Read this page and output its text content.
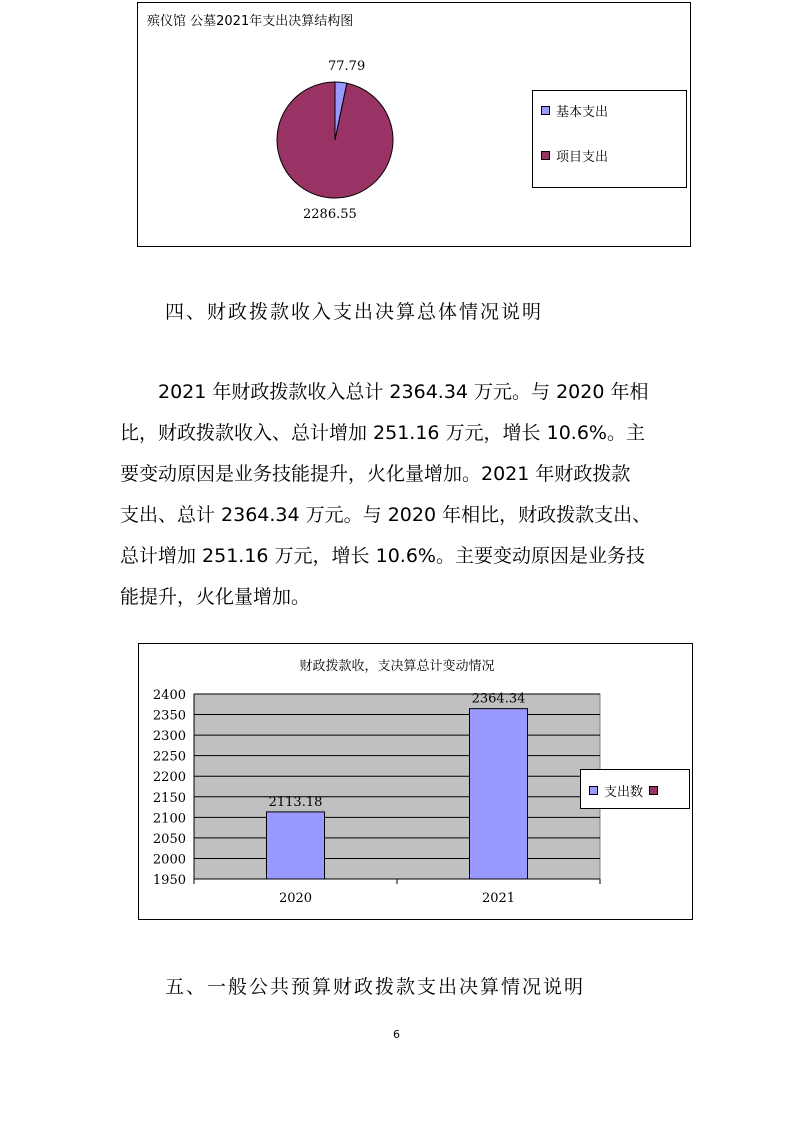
殡仪馆 公墓2021年支出决算结构图
77.79
2286.55
基本支出
项目支出
四、财政拨款收入支出决算总体情况说明
2021 年财政拨款收入总计 2364.34 万元。与 2020 年相
比，财政拨款收入、总计增加 251.16 万元，增长 10.6%。主
要变动原因是业务技能提升，火化量增加。2021 年财政拨款
支出、总计 2364.34 万元。与 2020 年相比，财政拨款支出、
总计增加 251.16 万元，增长 10.6%。主要变动原因是业务技
能提升，火化量增加。
财政拨款收，支决算总计变动情况
2400
2350
2300
2250
2200
2150
2100
2050
2000
1950
2113.18
2020
2364.34
2021
支出数
五、一般公共预算财政拨款支出决算情况说明
6
